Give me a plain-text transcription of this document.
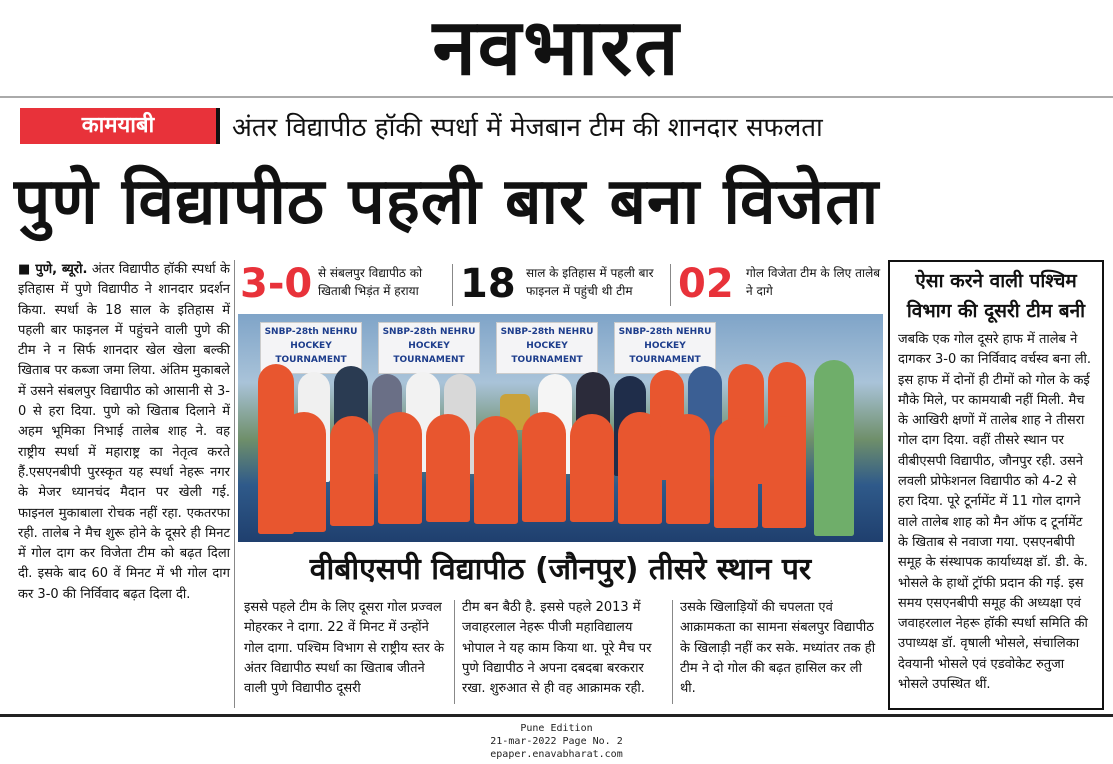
नवभारत
कामयाबी	अंतर विद्यापीठ हॉकी स्पर्धा में मेजबान टीम की शानदार सफलता
पुणे विद्यापीठ पहली बार बना विजेता
■ पुणे, ब्यूरो. अंतर विद्यापीठ हॉकी स्पर्धा के इतिहास में पुणे विद्यापीठ ने शानदार प्रदर्शन किया. स्पर्धा के 18 साल के इतिहास में पहली बार फाइनल में पहुंचने वाली पुणे की टीम ने न सिर्फ शानदार खेल खेला बल्की खिताब पर कब्जा जमा लिया. अंतिम मुकाबले में उसने संबलपुर विद्यापीठ को आसानी से 3-0 से हरा दिया. पुणे को खिताब दिलाने में अहम भूमिका निभाई तालेब शाह ने. वह राष्ट्रीय स्पर्धा में महाराष्ट्र का नेतृत्व करते हैं.एसएनबीपी पुरस्कृत यह स्पर्धा नेहरू नगर के मेजर ध्यानचंद मैदान पर खेली गई. फाइनल मुकाबाला रोचक नहीं रहा. एकतरफा रही. तालेब ने मैच शुरू होने के दूसरे ही मिनट में गोल दाग कर विजेता टीम को बढ़त दिला दी. इसके बाद 60 वें मिनट में भी गोल दाग कर 3-0 की निर्विवाद बढ़त दिला दी.
3-0 से संबलपुर विद्यापीठ को खिताबी भिड़ंत में हराया	18 साल के इतिहास में पहली बार फाइनल में पहुंची थी टीम	02 गोल विजेता टीम के लिए तालेब ने दागे
SNBP-28th NEHRU
HOCKEY TOURNAMENT
SNBP-28th NEHRU
HOCKEY TOURNAMENT
SNBP-28th NEHRU
HOCKEY TOURNAMENT
SNBP-28th NEHRU
HOCKEY TOURNAMENT
वीबीएसपी विद्यापीठ (जौनपुर) तीसरे स्थान पर
इससे पहले टीम के लिए दूसरा गोल प्रज्वल मोहरकर ने दागा. 22 वें मिनट में उन्होंने गोल दागा. पश्चिम विभाग से राष्ट्रीय स्तर के अंतर विद्यापीठ स्पर्धा का खिताब जीतने वाली पुणे विद्यापीठ दूसरी
टीम बन बैठी है. इससे पहले 2013 में जवाहरलाल नेहरू पीजी महाविद्यालय भोपाल ने यह काम किया था. पूरे मैच पर पुणे विद्यापीठ ने अपना दबदबा बरकरार रखा. शुरुआत से ही वह आक्रामक रही.
उसके खिलाड़ियों की चपलता एवं आक्रामकता का सामना संबलपुर विद्यापीठ के खिलाड़ी नहीं कर सके. मध्यांतर तक ही टीम ने दो गोल की बढ़त हासिल कर ली थी.
ऐसा करने वाली पश्चिम विभाग की दूसरी टीम बनी
जबकि एक गोल दूसरे हाफ में तालेब ने दागकर 3-0 का निर्विवाद वर्चस्व बना ली. इस हाफ में दोनों ही टीमों को गोल के कई मौके मिले, पर कामयाबी नहीं मिली. मैच के आखिरी क्षणों में तालेब शाह ने तीसरा गोल दाग दिया. वहीं तीसरे स्थान पर वीबीएसपी विद्यापीठ, जौनपुर रही. उसने लवली प्रोफेशनल विद्यापीठ को 4-2 से हरा दिया. पूरे टूर्नामेंट में 11 गोल दागने वाले तालेब शाह को मैन ऑफ द टूर्नामेंट के खिताब से नवाजा गया. एसएनबीपी समूह के संस्थापक कार्याध्यक्ष डॉ. डी. के. भोसले के हाथों ट्रॉफी प्रदान की गई. इस समय एसएनबीपी समूह की अध्यक्षा एवं जवाहरलाल नेहरू हॉकी स्पर्धा समिति की उपाध्यक्ष डॉ. वृषाली भोसले, संचालिका देवयानी भोसले एवं एडवोकेट रुतुजा भोसले उपस्थित थीं.
Pune Edition
21-mar-2022 Page No. 2
epaper.enavabharat.com
